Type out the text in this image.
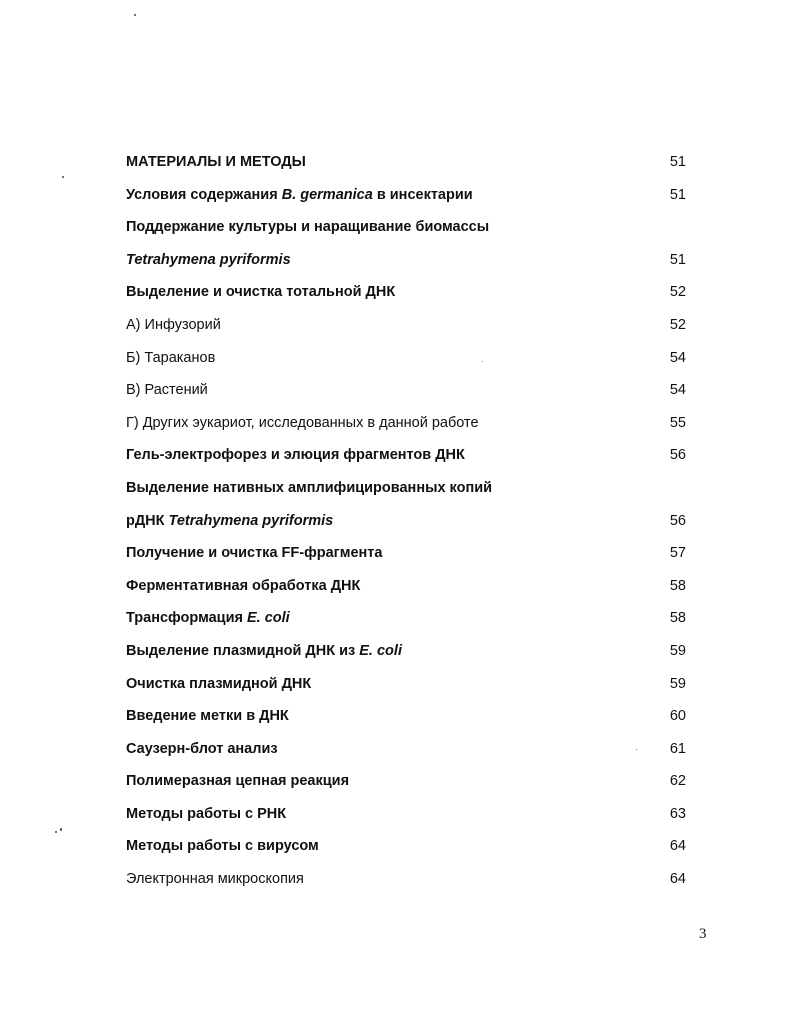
МАТЕРИАЛЫ И МЕТОДЫ	51
Условия содержания B. germanica в инсектарии	51
Поддержание культуры и наращивание биомассы
Tetrahymena pyriformis	51
Выделение и очистка тотальной ДНК	52
А) Инфузорий	52
Б) Тараканов	54
В) Растений	54
Г) Других эукариот, исследованных в данной работе	55
Гель-электрофорез и элюция фрагментов ДНК	56
Выделение нативных амплифицированных копий
рДНК Tetrahymena pyriformis	56
Получение и очистка FF-фрагмента	57
Ферментативная обработка ДНК	58
Трансформация E. coli	58
Выделение плазмидной ДНК из E. coli	59
Очистка плазмидной ДНК	59
Введение метки в ДНК	60
Саузерн-блот анализ	61
Полимеразная цепная реакция	62
Методы работы с РНК	63
Методы работы с вирусом	64
Электронная микроскопия	64
3
